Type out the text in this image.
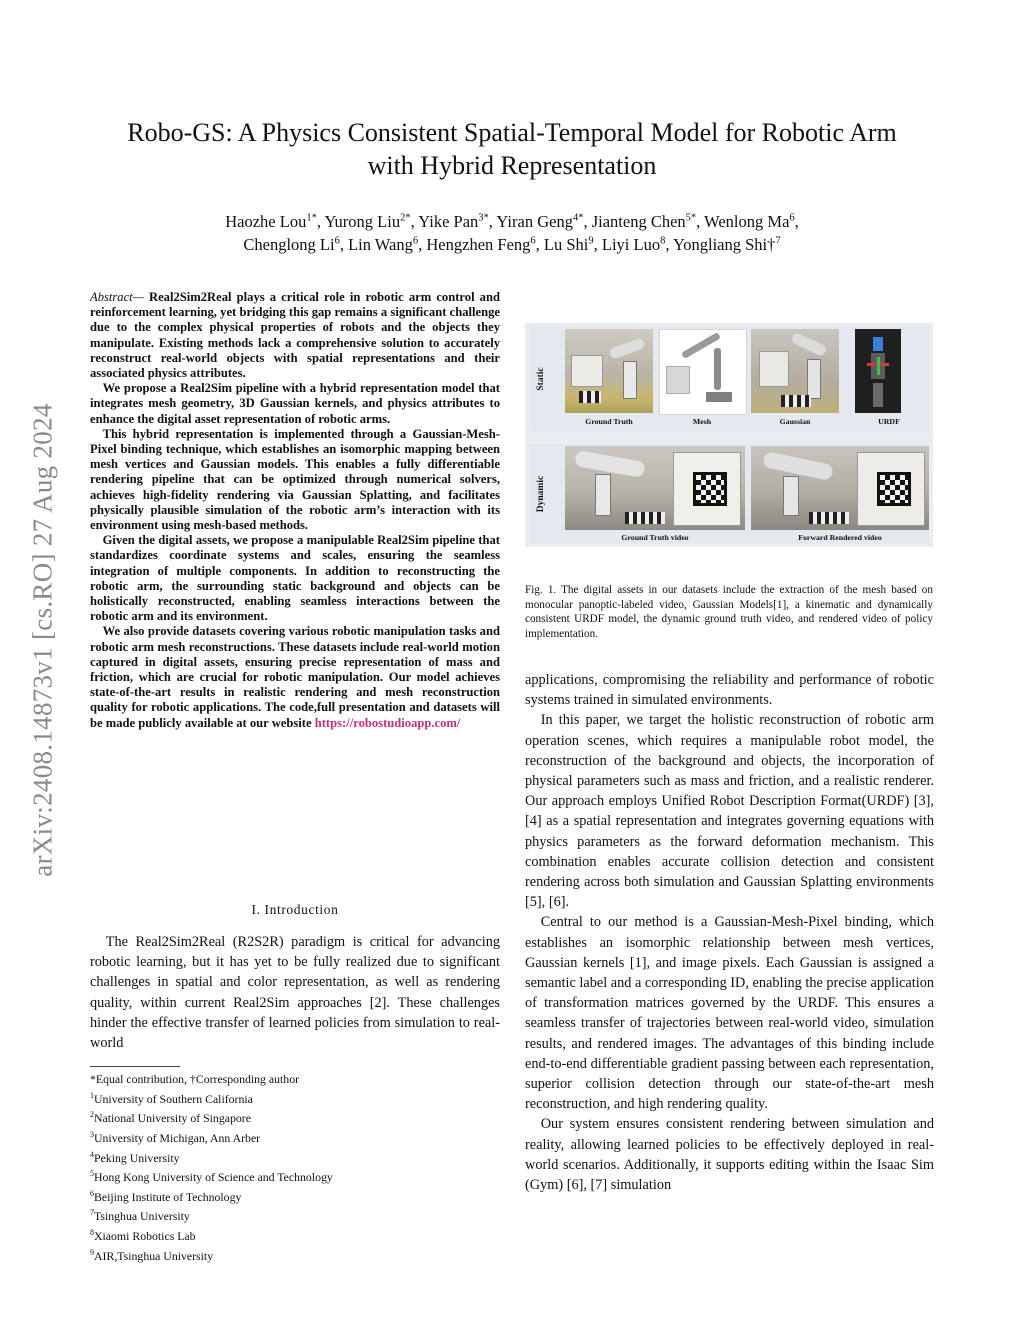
arXiv:2408.14873v1 [cs.RO] 27 Aug 2024
Robo-GS: A Physics Consistent Spatial-Temporal Model for Robotic Arm
with Hybrid Representation
Haozhe Lou$^{1*}$, Yurong Liu$^{2*}$, Yike Pan$^{3*}$, Yiran Geng$^{4*}$, Jianteng Chen$^{5*}$, Wenlong Ma$^6$,
Chenglong Li$^6$, Lin Wang$^6$, Hengzhen Feng$^6$, Lu Shi$^9$, Liyi Luo$^8$, Yongliang Shi†$^7$

Abstract— Real2Sim2Real plays a critical role in robotic arm control and reinforcement learning, yet bridging this gap remains a significant challenge due to the complex physical properties of robots and the objects they manipulate. Existing methods lack a comprehensive solution to accurately reconstruct real-world objects with spatial representations and their associated physics attributes.

We propose a Real2Sim pipeline with a hybrid representation model that integrates mesh geometry, 3D Gaussian kernels, and physics attributes to enhance the digital asset representation of robotic arms.

This hybrid representation is implemented through a Gaussian-Mesh-Pixel binding technique, which establishes an isomorphic mapping between mesh vertices and Gaussian models. This enables a fully differentiable rendering pipeline that can be optimized through numerical solvers, achieves high-fidelity rendering via Gaussian Splatting, and facilitates physically plausible simulation of the robotic arm’s interaction with its environment using mesh-based methods.

Given the digital assets, we propose a manipulable Real2Sim pipeline that standardizes coordinate systems and scales, ensuring the seamless integration of multiple components. In addition to reconstructing the robotic arm, the surrounding static background and objects can be holistically reconstructed, enabling seamless interactions between the robotic arm and its environment.

We also provide datasets covering various robotic manipulation tasks and robotic arm mesh reconstructions. These datasets include real-world motion captured in digital assets, ensuring precise representation of mass and friction, which are crucial for robotic manipulation. Our model achieves state-of-the-art results in realistic rendering and mesh reconstruction quality for robotic applications. The code,full presentation and datasets will be made publicly available at our website https://robostudioapp.com/

I. Introduction

The Real2Sim2Real (R2S2R) paradigm is critical for advancing robotic learning, but it has yet to be fully realized due to significant challenges in spatial and color representation, as well as rendering quality, within current Real2Sim approaches [2]. These challenges hinder the effective transfer of learned policies from simulation to real-world

*Equal contribution, †Corresponding author
$^1$University of Southern California
$^2$National University of Singapore
$^3$University of Michigan, Ann Arber
$^4$Peking University
$^5$Hong Kong University of Science and Technology
$^6$Beijing Institute of Technology
$^7$Tsinghua University
$^8$Xiaomi Robotics Lab
$^9$AIR,Tsinghua University
Static
Ground Truth	Mesh	Gaussian	URDF
Dynamic
Ground Truth video	Forward Rendered video

Fig. 1. The digital assets in our datasets include the extraction of the mesh based on monocular panoptic-labeled video, Gaussian Models[1], a kinematic and dynamically consistent URDF model, the dynamic ground truth video, and rendered video of policy implementation.

applications, compromising the reliability and performance of robotic systems trained in simulated environments.

In this paper, we target the holistic reconstruction of robotic arm operation scenes, which requires a manipulable robot model, the reconstruction of the background and objects, the incorporation of physical parameters such as mass and friction, and a realistic renderer. Our approach employs Unified Robot Description Format(URDF) [3], [4] as a spatial representation and integrates governing equations with physics parameters as the forward deformation mechanism. This combination enables accurate collision detection and consistent rendering across both simulation and Gaussian Splatting environments [5], [6].

Central to our method is a Gaussian-Mesh-Pixel binding, which establishes an isomorphic relationship between mesh vertices, Gaussian kernels [1], and image pixels. Each Gaussian is assigned a semantic label and a corresponding ID, enabling the precise application of transformation matrices governed by the URDF. This ensures a seamless transfer of trajectories between real-world video, simulation results, and rendered images. The advantages of this binding include end-to-end differentiable gradient passing between each representation, superior collision detection through our state-of-the-art mesh reconstruction, and high rendering quality.

Our system ensures consistent rendering between simulation and reality, allowing learned policies to be effectively deployed in real-world scenarios. Additionally, it supports editing within the Isaac Sim (Gym) [6], [7] simulation
